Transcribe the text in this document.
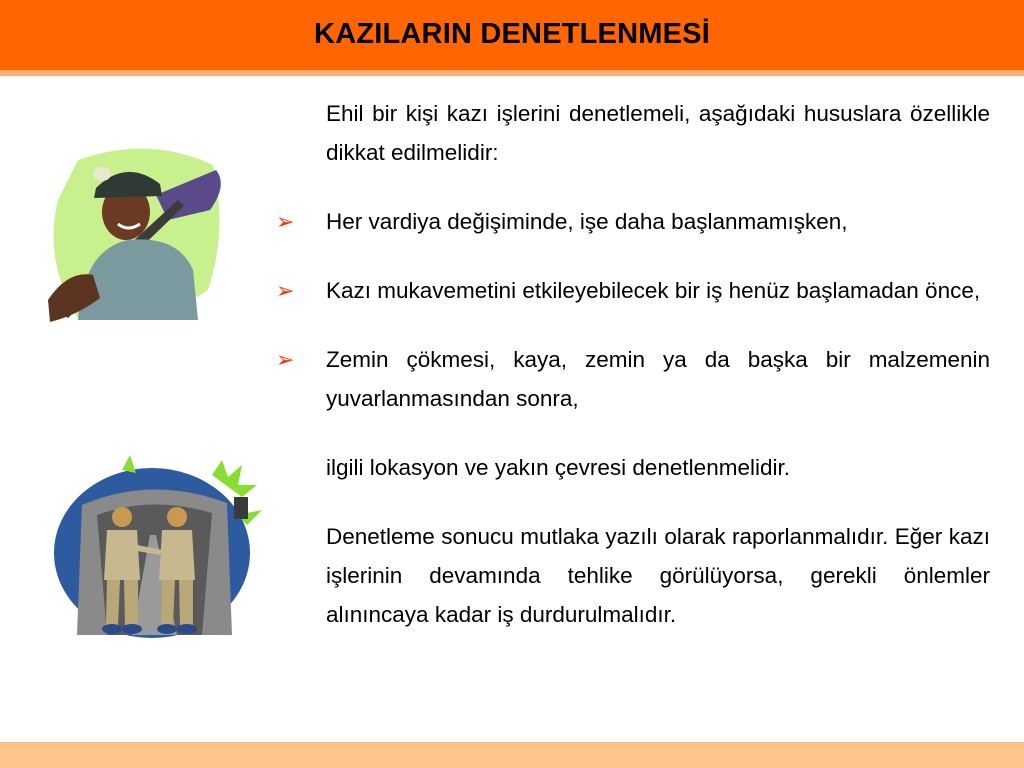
KAZILARIN DENETLENMESİ

Ehil bir kişi kazı işlerini denetlemeli, aşağıdaki hususlara özellikle dikkat edilmelidir:

➢ Her vardiya değişiminde, işe daha başlanmamışken,

➢ Kazı mukavemetini etkileyebilecek bir iş henüz başlamadan önce,

➢ Zemin çökmesi, kaya, zemin ya da başka bir malzemenin yuvarlanmasından sonra,

ilgili lokasyon ve yakın çevresi denetlenmelidir.

Denetleme sonucu mutlaka yazılı olarak raporlanmalıdır. Eğer kazı işlerinin devamında tehlike görülüyorsa, gerekli önlemler alınıncaya kadar iş durdurulmalıdır.
